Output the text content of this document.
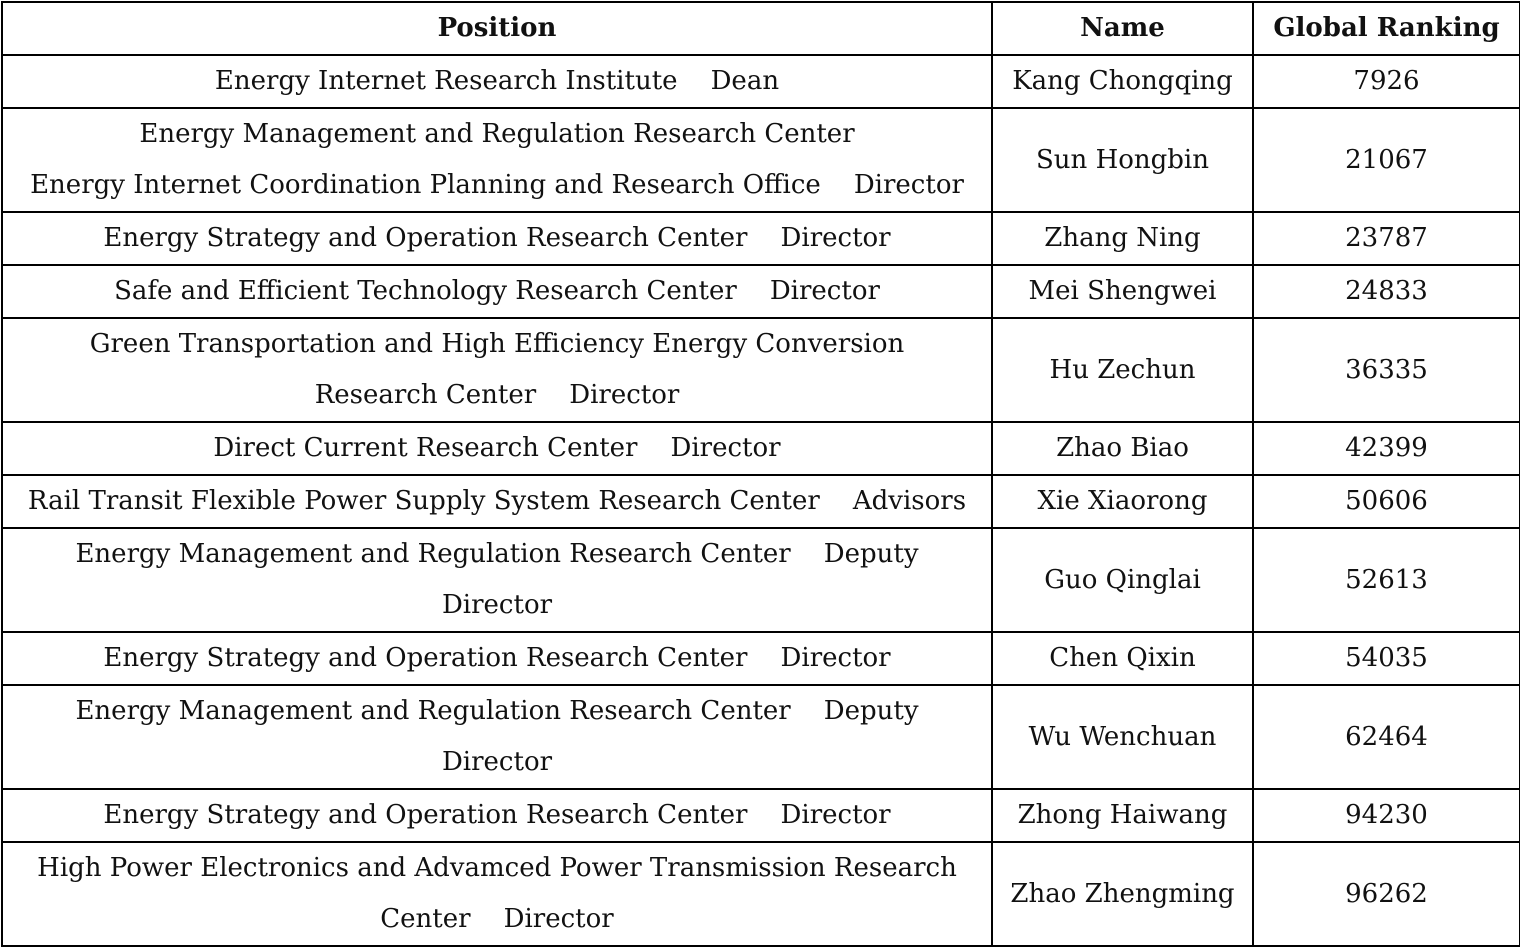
Position	Name	Global Ranking
Energy Internet Research Institute    Dean	Kang Chongqing	7926
Energy Management and Regulation Research Center
Energy Internet Coordination Planning and Research Office    Director	Sun Hongbin	21067
Energy Strategy and Operation Research Center    Director	Zhang Ning	23787
Safe and Efficient Technology Research Center    Director	Mei Shengwei	24833
Green Transportation and High Efficiency Energy Conversion
Research Center    Director	Hu Zechun	36335
Direct Current Research Center    Director	Zhao Biao	42399
Rail Transit Flexible Power Supply System Research Center    Advisors	Xie Xiaorong	50606
Energy Management and Regulation Research Center    Deputy
Director	Guo Qinglai	52613
Energy Strategy and Operation Research Center    Director	Chen Qixin	54035
Energy Management and Regulation Research Center    Deputy
Director	Wu Wenchuan	62464
Energy Strategy and Operation Research Center    Director	Zhong Haiwang	94230
High Power Electronics and Advamced Power Transmission Research
Center    Director	Zhao Zhengming	96262
